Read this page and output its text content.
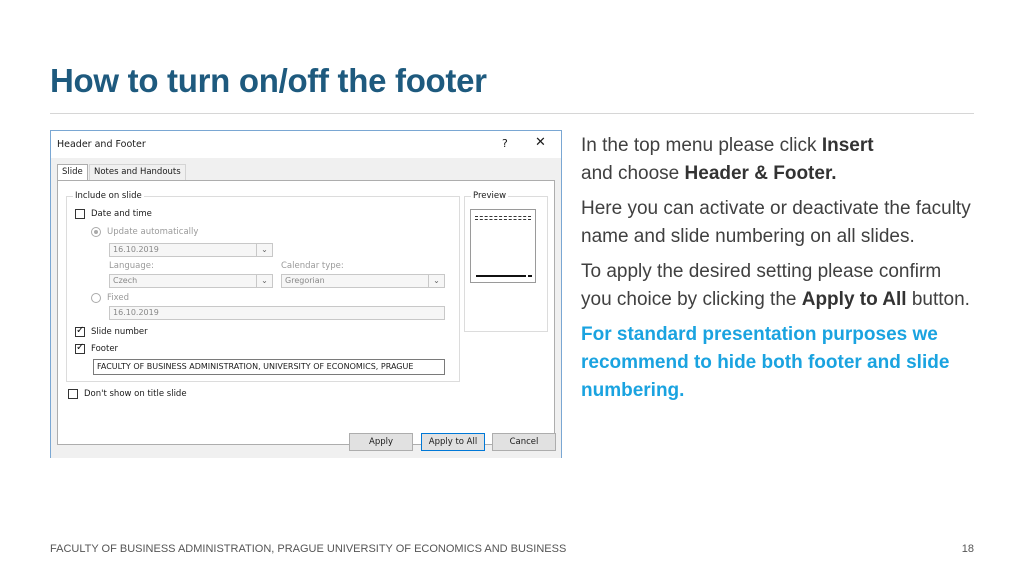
How to turn on/off the footer
Header and Footer	? ✕
Slide	Notes and Handouts
Include on slide
Date and time
Update automatically
16.10.2019	⌄
Language:	Calendar type:
Czech	⌄	Gregorian	⌄
Fixed
16.10.2019
✓
Slide number
✓
Footer
FACULTY OF BUSINESS ADMINISTRATION, UNIVERSITY OF ECONOMICS, PRAGUE
Don't show on title slide
Preview
Apply	Apply to All	Cancel

In the top menu please click Insert
and choose Header & Footer.

Here you can activate or deactivate the faculty name and slide numbering on all slides.

To apply the desired setting please confirm you choice by clicking the Apply to All button.

For standard presentation purposes we recommend to hide both footer and slide numbering.

FACULTY OF BUSINESS ADMINISTRATION, PRAGUE UNIVERSITY OF ECONOMICS AND BUSINESS	18
